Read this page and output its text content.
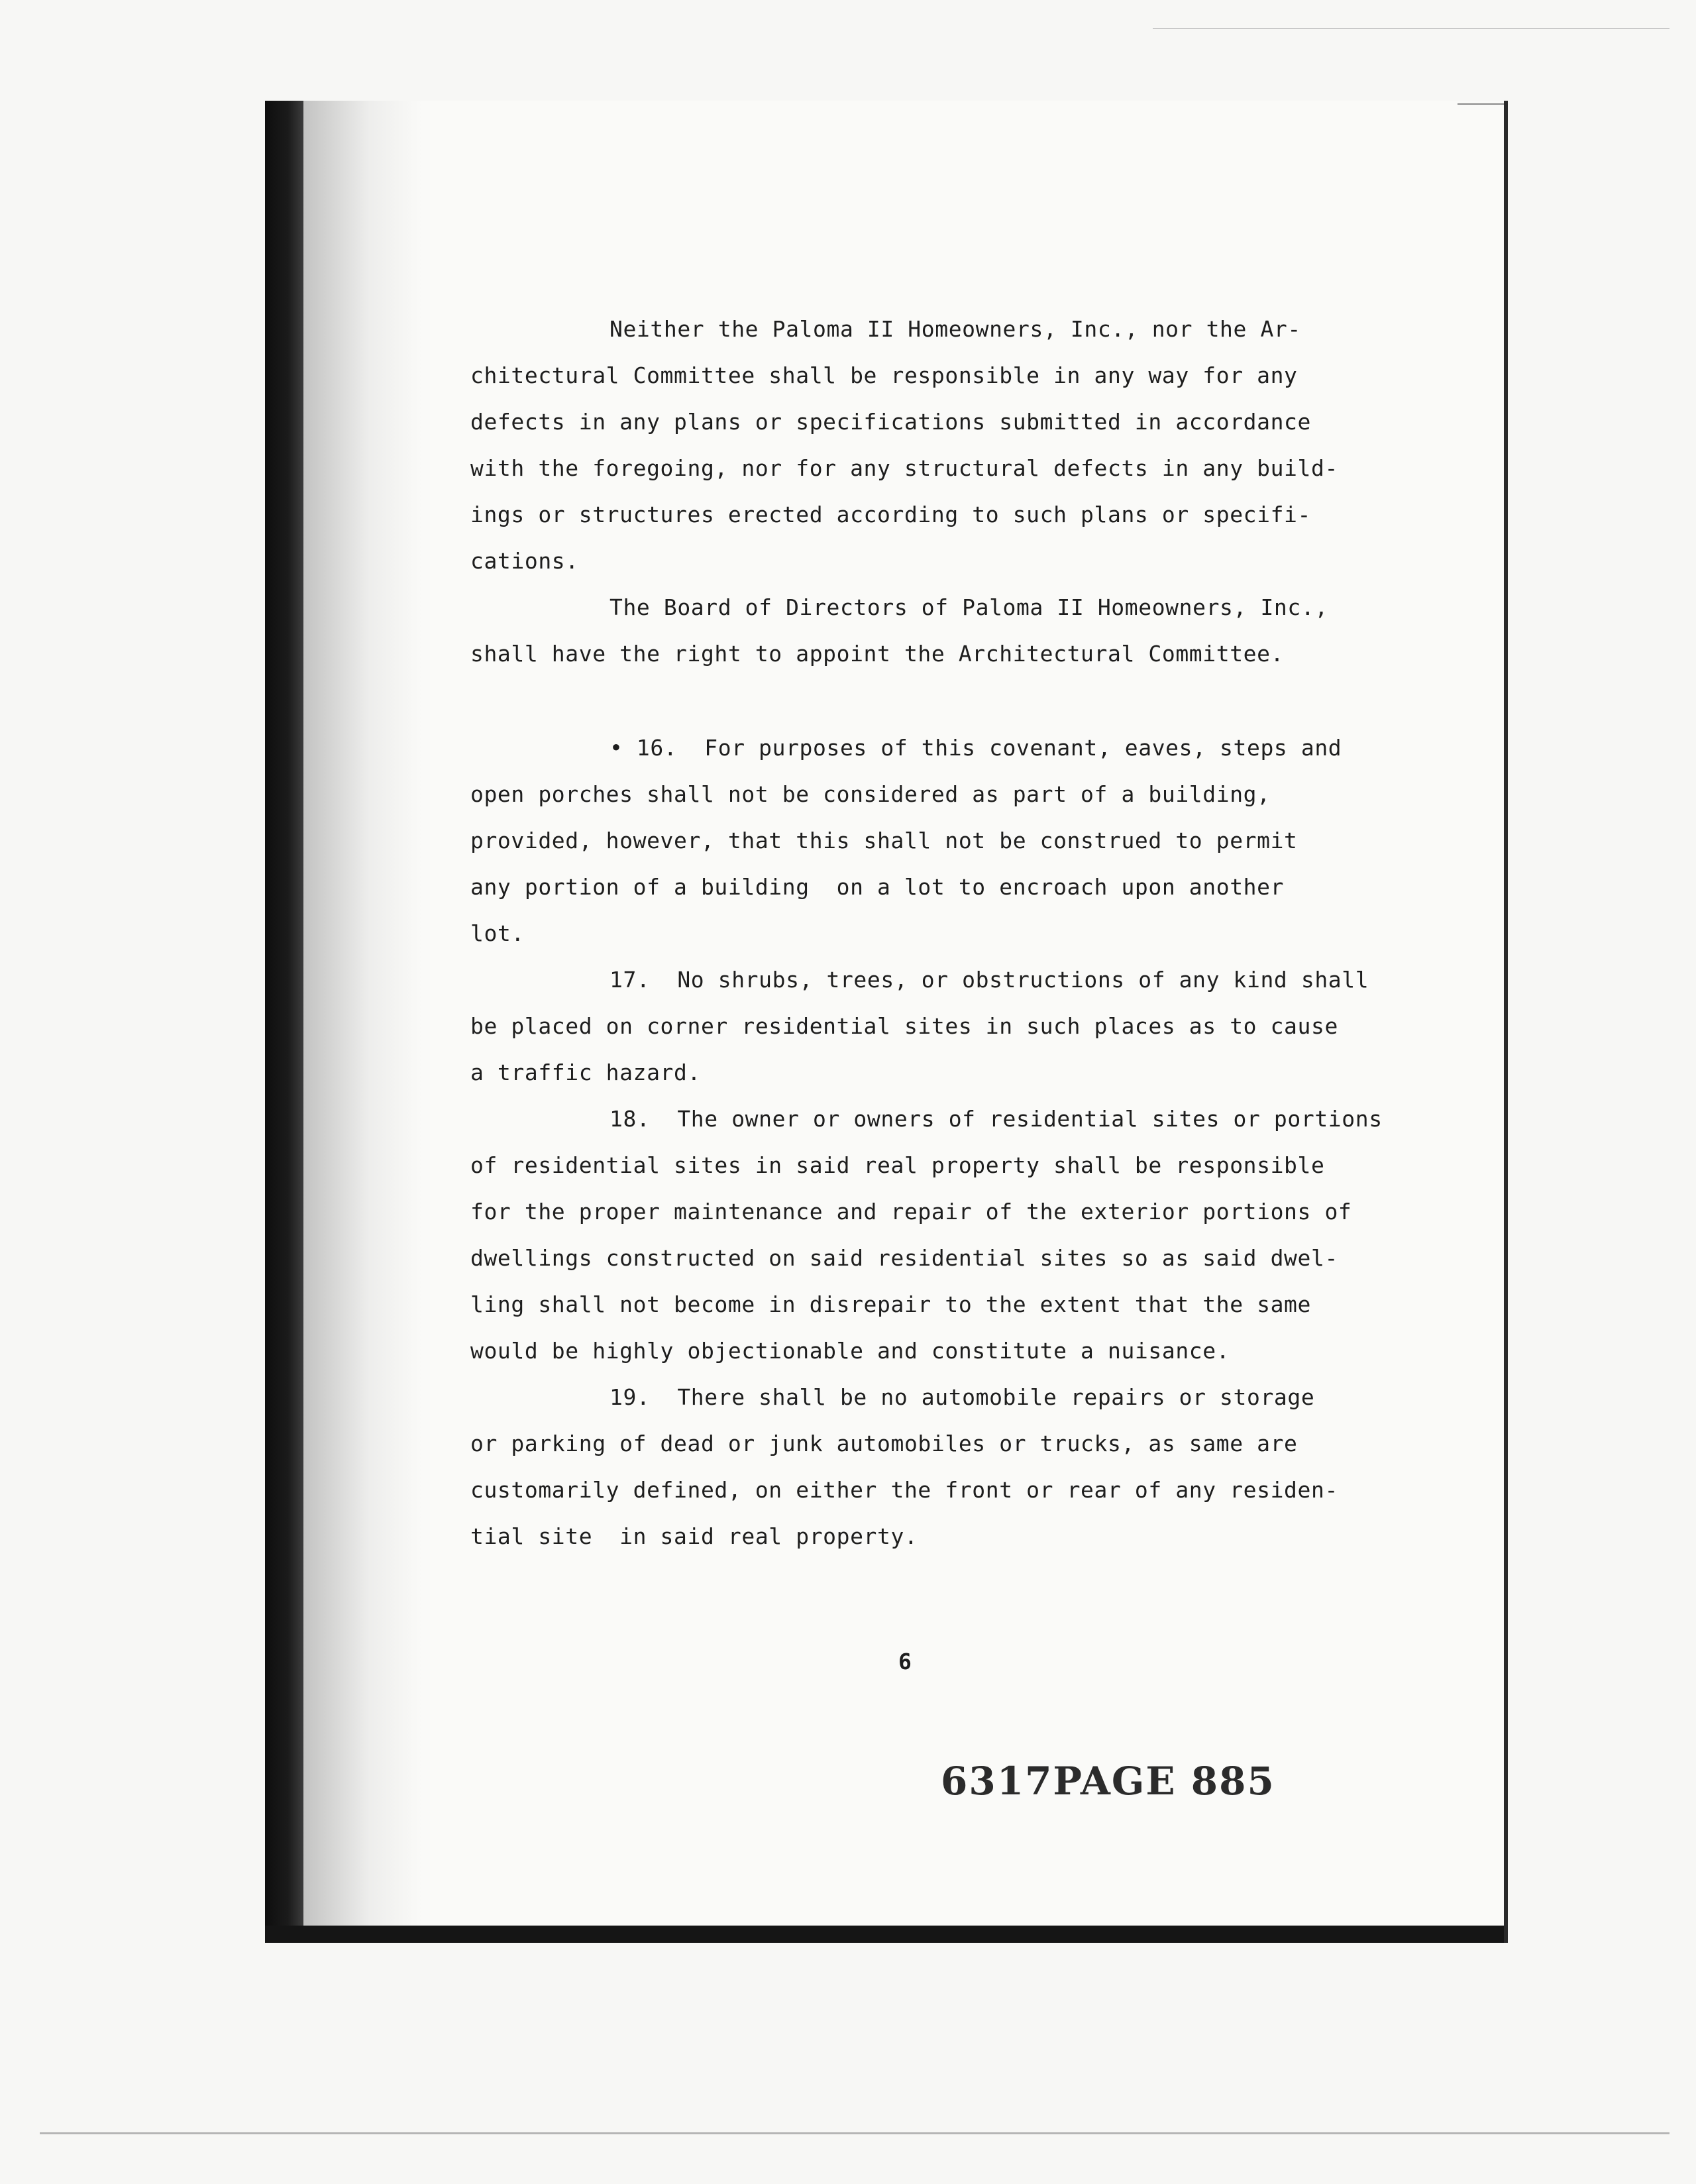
Neither the Paloma II Homeowners, Inc., nor the Ar-
chitectural Committee shall be responsible in any way for any
defects in any plans or specifications submitted in accordance
with the foregoing, nor for any structural defects in any build-
ings or structures erected according to such plans or specifi-
cations.
The Board of Directors of Paloma II Homeowners, Inc.,
shall have the right to appoint the Architectural Committee.
• 16.  For purposes of this covenant, eaves, steps and
open porches shall not be considered as part of a building,
provided, however, that this shall not be construed to permit
any portion of a building  on a lot to encroach upon another
lot.
17.  No shrubs, trees, or obstructions of any kind shall
be placed on corner residential sites in such places as to cause
a traffic hazard.
18.  The owner or owners of residential sites or portions
of residential sites in said real property shall be responsible
for the proper maintenance and repair of the exterior portions of
dwellings constructed on said residential sites so as said dwel-
ling shall not become in disrepair to the extent that the same
would be highly objectionable and constitute a nuisance.
19.  There shall be no automobile repairs or storage
or parking of dead or junk automobiles or trucks, as same are
customarily defined, on either the front or rear of any residen-
tial site  in said real property.
6
6317PAGE 885
